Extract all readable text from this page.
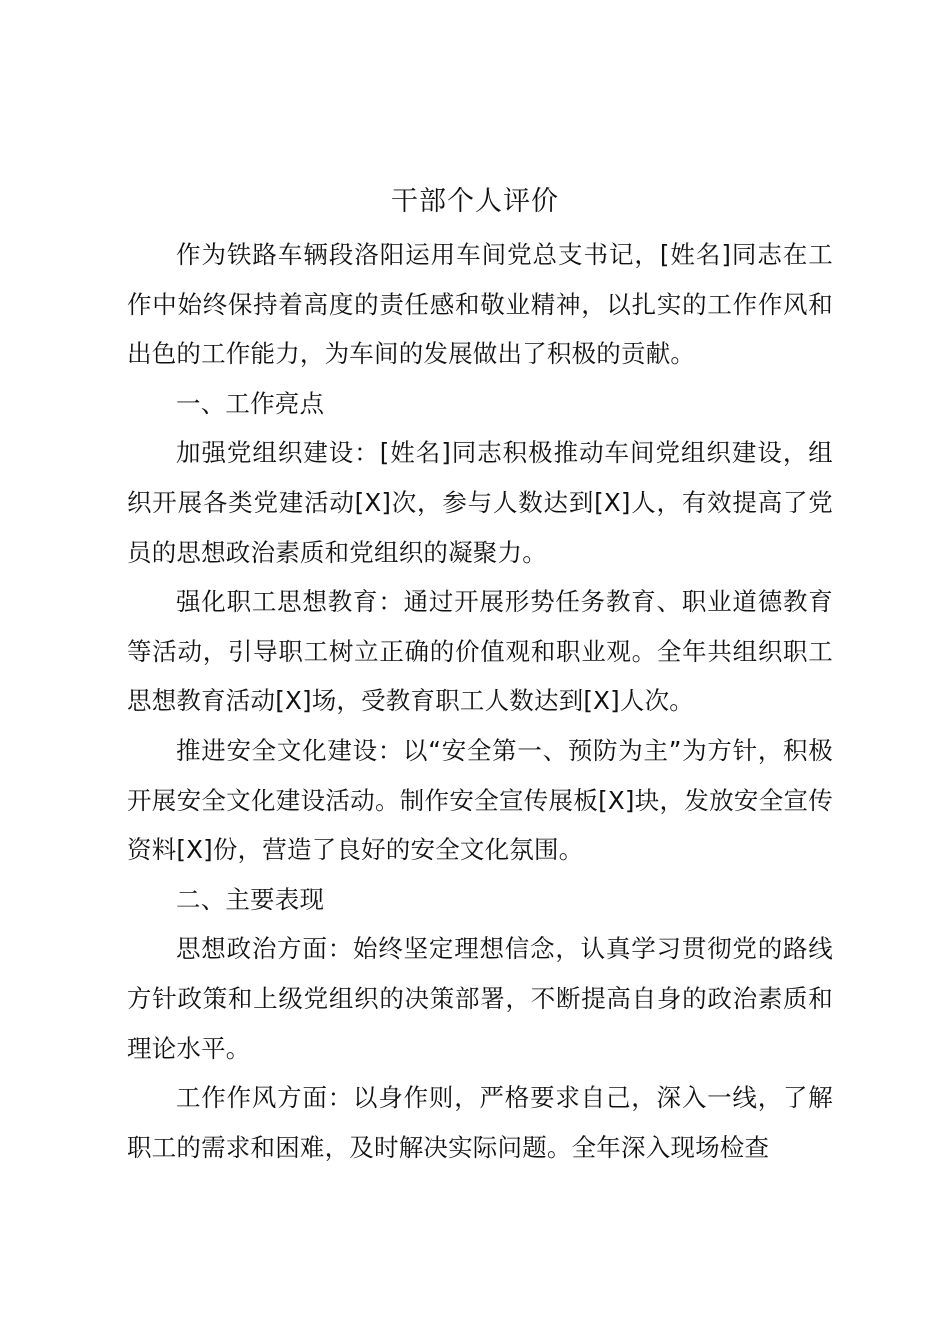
干部个人评价

作为铁路车辆段洛阳运用车间党总支书记，[姓名]同志在工作中始终保持着高度的责任感和敬业精神，以扎实的工作作风和出色的工作能力，为车间的发展做出了积极的贡献。

一、工作亮点

加强党组织建设：[姓名]同志积极推动车间党组织建设，组织开展各类党建活动[X]次，参与人数达到[X]人，有效提高了党员的思想政治素质和党组织的凝聚力。

强化职工思想教育：通过开展形势任务教育、职业道德教育等活动，引导职工树立正确的价值观和职业观。全年共组织职工思想教育活动[X]场，受教育职工人数达到[X]人次。

推进安全文化建设：以“安全第一、预防为主”为方针，积极开展安全文化建设活动。制作安全宣传展板[X]块，发放安全宣传资料[X]份，营造了良好的安全文化氛围。

二、主要表现

思想政治方面：始终坚定理想信念，认真学习贯彻党的路线方针政策和上级党组织的决策部署，不断提高自身的政治素质和理论水平。

工作作风方面：以身作则，严格要求自己，深入一线，了解职工的需求和困难，及时解决实际问题。全年深入现场检查
